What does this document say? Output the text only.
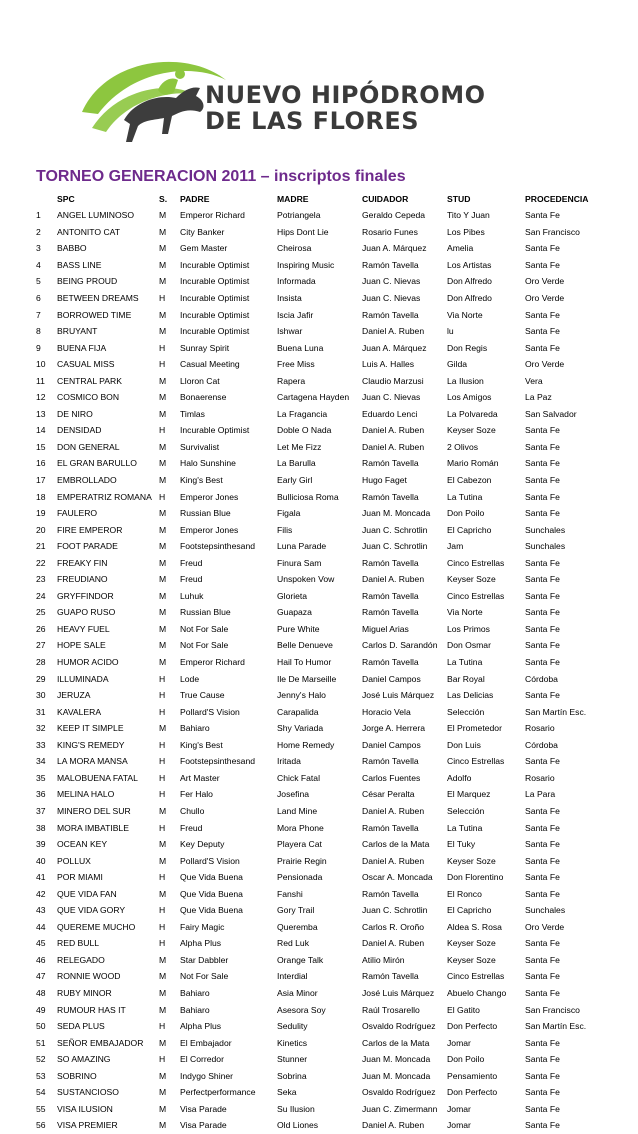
NUEVO HIPÓDROMO
DE LAS FLORES
TORNEO GENERACION 2011 – inscriptos finales
	SPC	S.	PADRE	MADRE	CUIDADOR	STUD	PROCEDENCIA
1	ANGEL LUMINOSO	M	Emperor Richard	Potriangela	Geraldo Cepeda	Tito Y Juan	Santa Fe
2	ANTONITO CAT	M	City Banker	Hips Dont Lie	Rosario Funes	Los Pibes	San Francisco
3	BABBO	M	Gem Master	Cheirosa	Juan A. Márquez	Amelia	Santa Fe
4	BASS LINE	M	Incurable Optimist	Inspiring Music	Ramón Tavella	Los Artistas	Santa Fe
5	BEING PROUD	M	Incurable Optimist	Informada	Juan C. Nievas	Don Alfredo	Oro Verde
6	BETWEEN DREAMS	H	Incurable Optimist	Insista	Juan C. Nievas	Don Alfredo	Oro Verde
7	BORROWED TIME	M	Incurable Optimist	Iscia Jafir	Ramón Tavella	Via Norte	Santa Fe
8	BRUYANT	M	Incurable Optimist	Ishwar	Daniel A. Ruben	lu	Santa Fe
9	BUENA FIJA	H	Sunray Spirit	Buena Luna	Juan A. Márquez	Don Regis	Santa Fe
10	CASUAL MISS	H	Casual Meeting	Free Miss	Luis A. Halles	Gilda	Oro Verde
11	CENTRAL PARK	M	Lloron Cat	Rapera	Claudio Marzusi	La Ilusion	Vera
12	COSMICO BON	M	Bonaerense	Cartagena Hayden	Juan C. Nievas	Los Amigos	La Paz
13	DE NIRO	M	Timlas	La Fragancia	Eduardo Lenci	La Polvareda	San Salvador
14	DENSIDAD	H	Incurable Optimist	Doble O Nada	Daniel A. Ruben	Keyser Soze	Santa Fe
15	DON GENERAL	M	Survivalist	Let Me Fizz	Daniel A. Ruben	2 Olivos	Santa Fe
16	EL GRAN BARULLO	M	Halo Sunshine	La Barulla	Ramón Tavella	Mario Román	Santa Fe
17	EMBROLLADO	M	King's Best	Early Girl	Hugo Faget	El Cabezon	Santa Fe
18	EMPERATRIZ ROMANA	H	Emperor Jones	Bulliciosa Roma	Ramón Tavella	La Tutina	Santa Fe
19	FAULERO	M	Russian Blue	Figala	Juan M. Moncada	Don Poilo	Santa Fe
20	FIRE EMPEROR	M	Emperor Jones	Filis	Juan C. Schrotlin	El Capricho	Sunchales
21	FOOT PARADE	M	Footstepsinthesand	Luna Parade	Juan C. Schrotlin	Jam	Sunchales
22	FREAKY FIN	M	Freud	Finura Sam	Ramón Tavella	Cinco Estrellas	Santa Fe
23	FREUDIANO	M	Freud	Unspoken Vow	Daniel A. Ruben	Keyser Soze	Santa Fe
24	GRYFFINDOR	M	Luhuk	Glorieta	Ramón Tavella	Cinco Estrellas	Santa Fe
25	GUAPO RUSO	M	Russian Blue	Guapaza	Ramón Tavella	Via Norte	Santa Fe
26	HEAVY FUEL	M	Not For Sale	Pure White	Miguel Arias	Los Primos	Santa Fe
27	HOPE SALE	M	Not For Sale	Belle Denueve	Carlos D. Sarandón	Don Osmar	Santa Fe
28	HUMOR ACIDO	M	Emperor Richard	Hail To Humor	Ramón Tavella	La Tutina	Santa Fe
29	ILLUMINADA	H	Lode	Ile De Marseille	Daniel Campos	Bar Royal	Córdoba
30	JERUZA	H	True Cause	Jenny's Halo	José Luis Márquez	Las Delicias	Santa Fe
31	KAVALERA	H	Pollard'S Vision	Carapalida	Horacio Vela	Selección	San Martín Esc.
32	KEEP IT SIMPLE	M	Bahiaro	Shy Variada	Jorge A. Herrera	El Prometedor	Rosario
33	KING'S REMEDY	H	King's Best	Home Remedy	Daniel Campos	Don Luis	Córdoba
34	LA MORA MANSA	H	Footstepsinthesand	Iritada	Ramón Tavella	Cinco Estrellas	Santa Fe
35	MALOBUENA FATAL	H	Art Master	Chick Fatal	Carlos Fuentes	Adolfo	Rosario
36	MELINA HALO	H	Fer Halo	Josefina	César Peralta	El Marquez	La Para
37	MINERO DEL SUR	M	Chullo	Land Mine	Daniel A. Ruben	Selección	Santa Fe
38	MORA IMBATIBLE	H	Freud	Mora Phone	Ramón Tavella	La Tutina	Santa Fe
39	OCEAN KEY	M	Key Deputy	Playera Cat	Carlos de la Mata	El Tuky	Santa Fe
40	POLLUX	M	Pollard'S Vision	Prairie Regin	Daniel A. Ruben	Keyser Soze	Santa Fe
41	POR MIAMI	H	Que Vida Buena	Pensionada	Oscar A. Moncada	Don Florentino	Santa Fe
42	QUE VIDA FAN	M	Que Vida Buena	Fanshi	Ramón Tavella	El Ronco	Santa Fe
43	QUE VIDA GORY	H	Que Vida Buena	Gory Trail	Juan C. Schrotlin	El Capricho	Sunchales
44	QUEREME MUCHO	H	Fairy Magic	Queremba	Carlos R. Oroño	Aldea S. Rosa	Oro Verde
45	RED BULL	H	Alpha Plus	Red Luk	Daniel A. Ruben	Keyser Soze	Santa Fe
46	RELEGADO	M	Star Dabbler	Orange Talk	Atilio Mirón	Keyser Soze	Santa Fe
47	RONNIE WOOD	M	Not For Sale	Interdial	Ramón Tavella	Cinco Estrellas	Santa Fe
48	RUBY MINOR	M	Bahiaro	Asia Minor	José Luis Márquez	Abuelo Chango	Santa Fe
49	RUMOUR HAS IT	M	Bahiaro	Asesora Soy	Raúl Trosarello	El Gatito	San Francisco
50	SEDA PLUS	H	Alpha Plus	Sedulity	Osvaldo Rodríguez	Don Perfecto	San Martín Esc.
51	SEÑOR EMBAJADOR	M	El Embajador	Kinetics	Carlos de la Mata	Jomar	Santa Fe
52	SO AMAZING	H	El Corredor	Stunner	Juan M. Moncada	Don Poilo	Santa Fe
53	SOBRINO	M	Indygo Shiner	Sobrina	Juan M. Moncada	Pensamiento	Santa Fe
54	SUSTANCIOSO	M	Perfectperformance	Seka	Osvaldo Rodríguez	Don Perfecto	Santa Fe
55	VISA ILUSION	M	Visa Parade	Su Ilusion	Juan C. Zimermann	Jomar	Santa Fe
56	VISA PREMIER	M	Visa Parade	Old Liones	Daniel A. Ruben	Jomar	Santa Fe
